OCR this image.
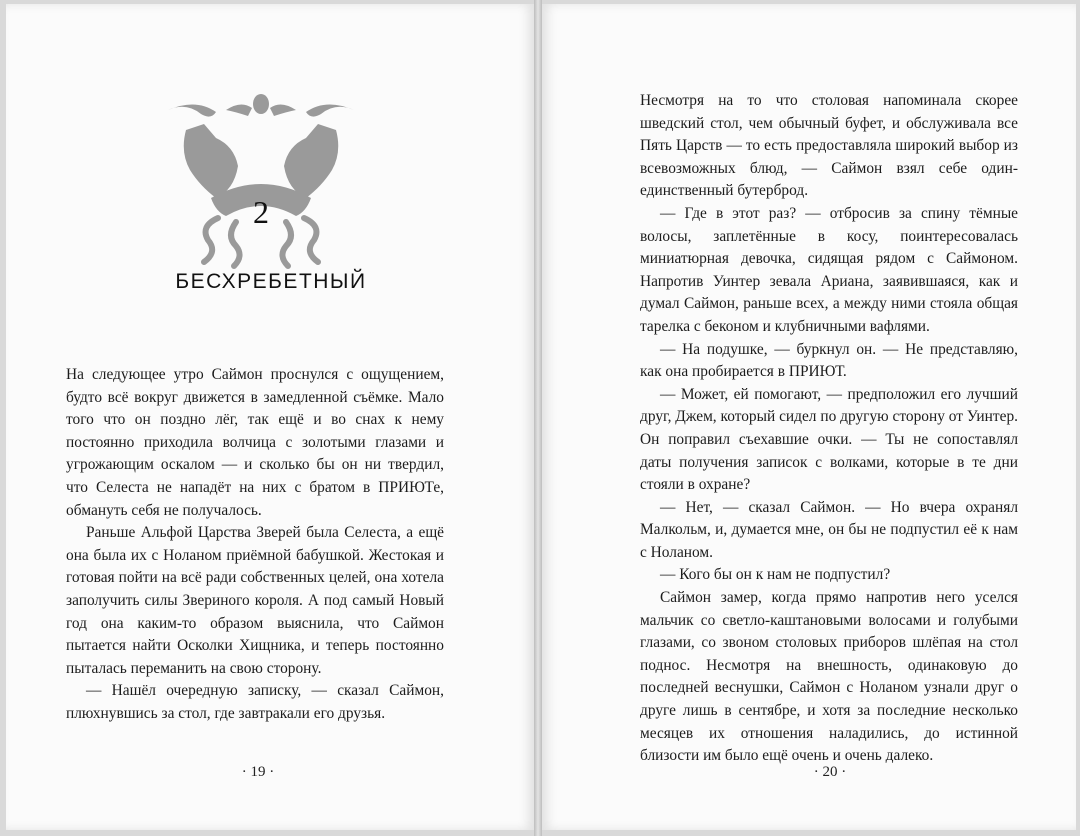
2
БЕСХРЕБЕТНЫЙ

На следующее утро Саймон проснулся с ощущением, будто всё вокруг движется в замедленной съёмке. Мало того что он поздно лёг, так ещё и во снах к нему постоянно приходила волчица с золотыми глазами и угрожающим оскалом — и сколько бы он ни твердил, что Селеста не нападёт на них с братом в ПРИЮТе, обмануть себя не получалось.

Раньше Альфой Царства Зверей была Селеста, а ещё она была их с Ноланом приёмной бабушкой. Жестокая и готовая пойти на всё ради собственных целей, она хотела заполучить силы Звериного короля. А под самый Новый год она каким-то образом выяснила, что Саймон пытается найти Осколки Хищника, и теперь постоянно пыталась переманить на свою сторону.

— Нашёл очередную записку, — сказал Саймон, плюхнувшись за стол, где завтракали его друзья.

· 19 ·

Несмотря на то что столовая напоминала скорее шведский стол, чем обычный буфет, и обслуживала все Пять Царств — то есть предоставляла широкий выбор из всевозможных блюд, — Саймон взял себе один-единственный бутерброд.

— Где в этот раз? — отбросив за спину тёмные волосы, заплетённые в косу, поинтересовалась миниатюрная девочка, сидящая рядом с Саймоном. Напротив Уинтер зевала Ариана, заявившаяся, как и думал Саймон, раньше всех, а между ними стояла общая тарелка с беконом и клубничными вафлями.

— На подушке, — буркнул он. — Не представляю, как она пробирается в ПРИЮТ.

— Может, ей помогают, — предположил его лучший друг, Джем, который сидел по другую сторону от Уинтер. Он поправил съехавшие очки. — Ты не сопоставлял даты получения записок с волками, которые в те дни стояли в охране?

— Нет, — сказал Саймон. — Но вчера охранял Малкольм, и, думается мне, он бы не подпустил её к нам с Ноланом.

— Кого бы он к нам не подпустил?

Саймон замер, когда прямо напротив него уселся мальчик со светло-каштановыми волосами и голубыми глазами, со звоном столовых приборов шлёпая на стол поднос. Несмотря на внешность, одинаковую до последней веснушки, Саймон с Ноланом узнали друг о друге лишь в сентябре, и хотя за последние несколько месяцев их отношения наладились, до истинной близости им было ещё очень и очень далеко.

· 20 ·
